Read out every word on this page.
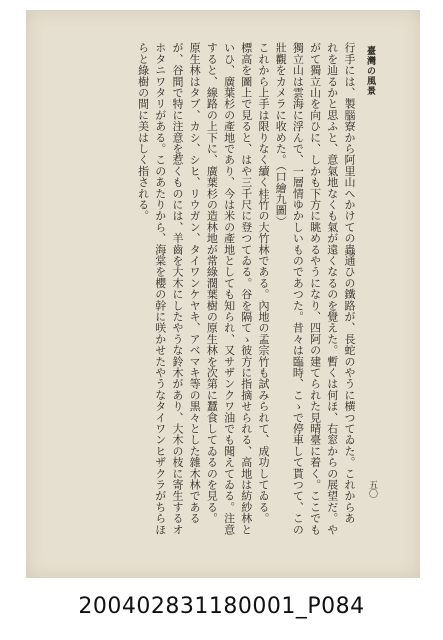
臺灣の風景
行手には、製腦寮から阿里山へかけての蟲通ひの鐵路が、長蛇のやうに横つてゐた。これからあ
れを辿るかと思ふと、意氣地なくも氣が遠くなるのを覺えた。暫くは何ほ、右窓からの展望だ。や
がて獨立山を向ひに、しかも下方に眺めるやうになり、四阿の建てられた見晴臺に着く。ここでも
獨立山は雲海に浮んで、一層情ゆかしいものであつた。昔々は臨時、こゝで停車して貰つて、この
壯觀をカメラに收めた。（口繪九圖）
これから上手は限りなく續く桂竹の大竹林である。內地の孟宗竹も試みられて、成功してゐる。
標高を圖上で見ると、はや三千尺に登つてゐる。谷を隔てゝ彼方に指摘せられる、高地は紡紗林と
いひ、廣葉杉の產地であり、今は米の產地としても知られ、又サザンクワ油でも聞えてゐる。注意
すると、線路の上下に、廣葉杉の造林地が常綠濶葉樹の原生林を次第に蠶食してゐるのを見る。
原生林はタブ、カシ、シヒ、リウガン、タイワンケヤキ、アベマキ等の黒々とした雜木林である
が、谷間で特に注意を惹くものには、羊齒を大木にしたやうな鈴木があり、大木の枝に寄生するオ
ホタニワタリがある。このあたりから、海棠を櫻の幹に咲かせたやうなタイワンヒザクラがちらほ
らと綠樹の間に美はしく指される。
五〇
200402831180001_P084
